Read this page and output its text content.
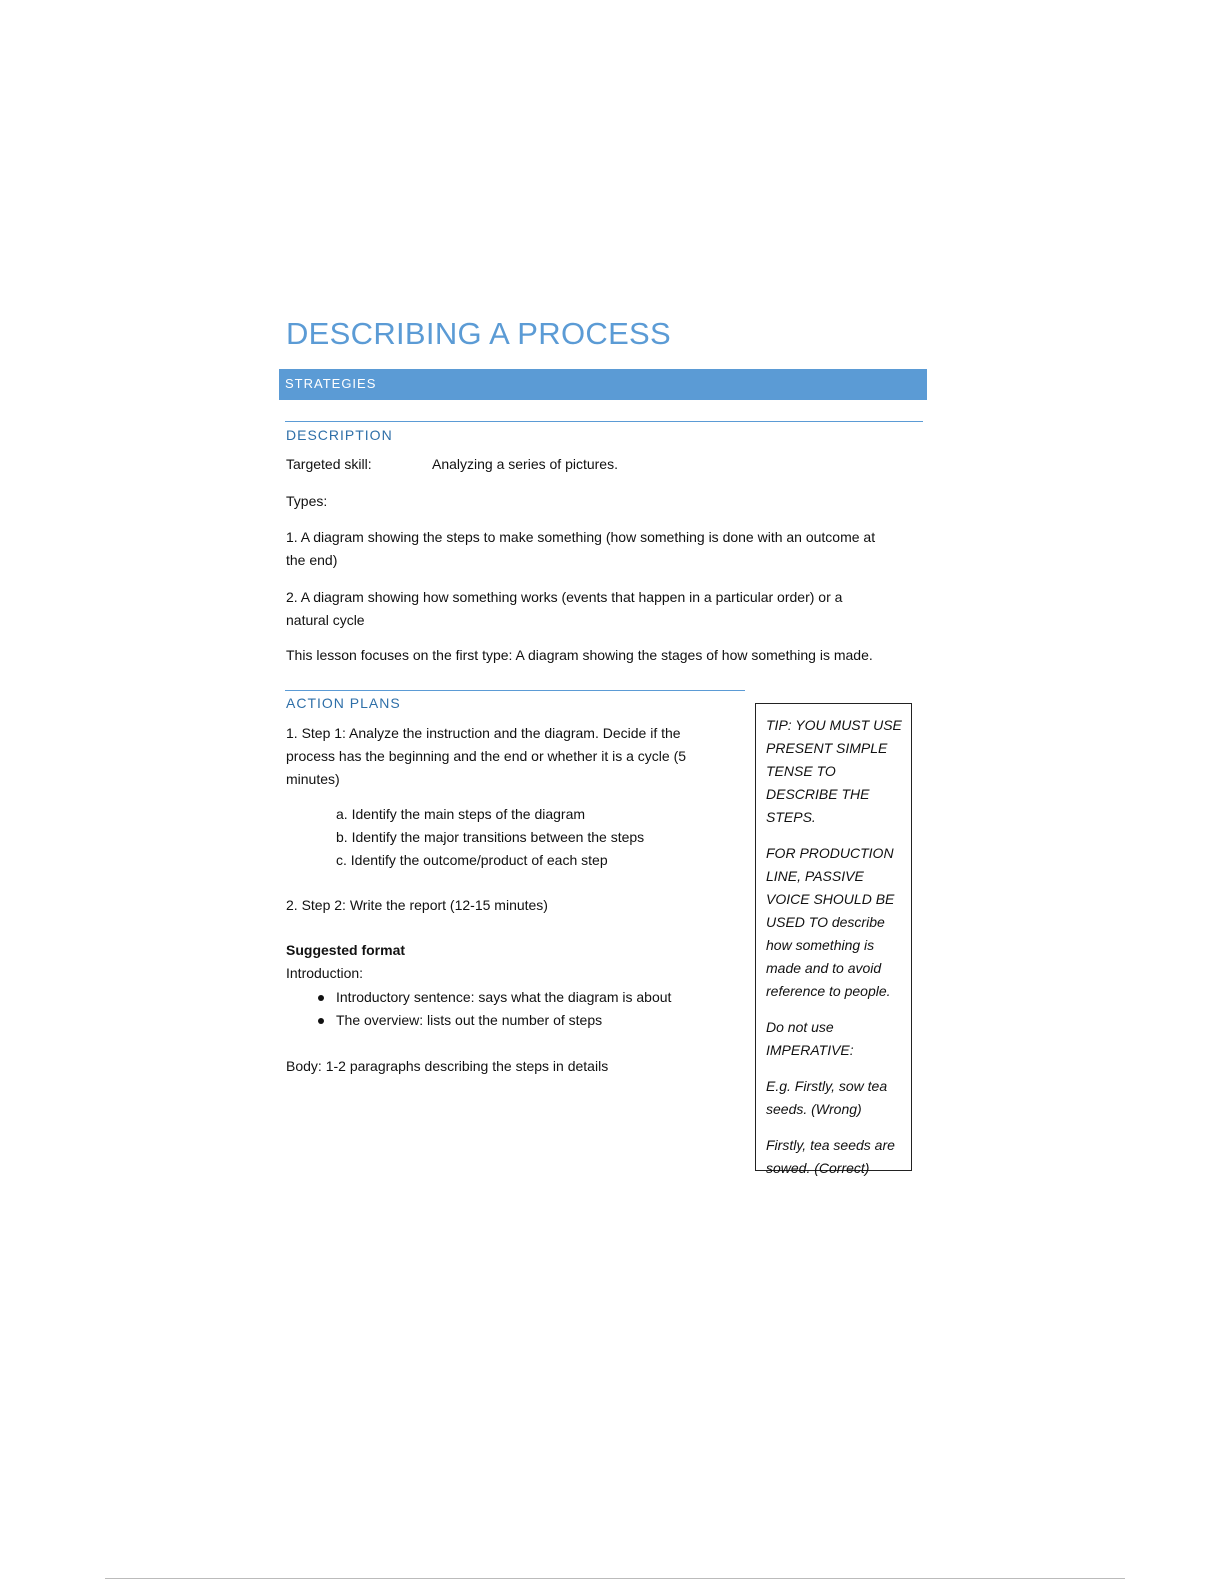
DESCRIBING A PROCESS
STRATEGIES
DESCRIPTION
Targeted skill:	Analyzing a series of pictures.
Types:
1. A diagram showing the steps to make something (how something is done with an outcome at
the end)
2. A diagram showing how something works (events that happen in a particular order) or a
natural cycle
This lesson focuses on the first type: A diagram showing the stages of how something is made.
ACTION PLANS
1. Step 1: Analyze the instruction and the diagram. Decide if the
process has the beginning and the end or whether it is a cycle (5
minutes)
a. Identify the main steps of the diagram
b. Identify the major transitions between the steps
c. Identify the outcome/product of each step
2. Step 2: Write the report (12-15 minutes)
Suggested format
Introduction:
Introductory sentence: says what the diagram is about
The overview: lists out the number of steps
Body: 1-2 paragraphs describing the steps in details

TIP: YOU MUST USE PRESENT SIMPLE TENSE TO DESCRIBE THE STEPS.

FOR PRODUCTION LINE, PASSIVE VOICE SHOULD BE USED TO describe how something is made and to avoid reference to people.

Do not use IMPERATIVE:

E.g. Firstly, sow tea seeds. (Wrong)

Firstly, tea seeds are sowed. (Correct)
